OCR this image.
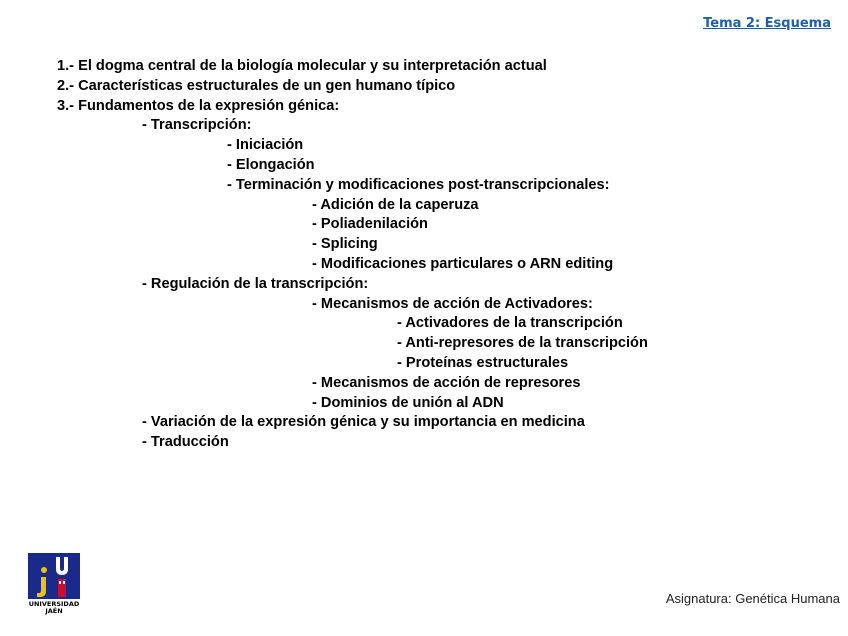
Tema 2: Esquema
1.- El dogma central de la biología molecular y su interpretación actual
2.- Características estructurales de un gen humano típico
3.- Fundamentos de la expresión génica:
- Transcripción:
- Iniciación
- Elongación
- Terminación y modificaciones post-transcripcionales:
- Adición de la caperuza
- Poliadenilación
- Splicing
- Modificaciones particulares o ARN editing
- Regulación de la transcripción:
- Mecanismos de acción de Activadores:
- Activadores de la transcripción
- Anti-represores de la transcripción
- Proteínas estructurales
- Mecanismos de acción de represores
- Dominios de unión al ADN
- Variación de la expresión génica y su importancia en medicina
- Traducción
UNIVERSIDAD
JAÉN
Asignatura: Genética Humana
